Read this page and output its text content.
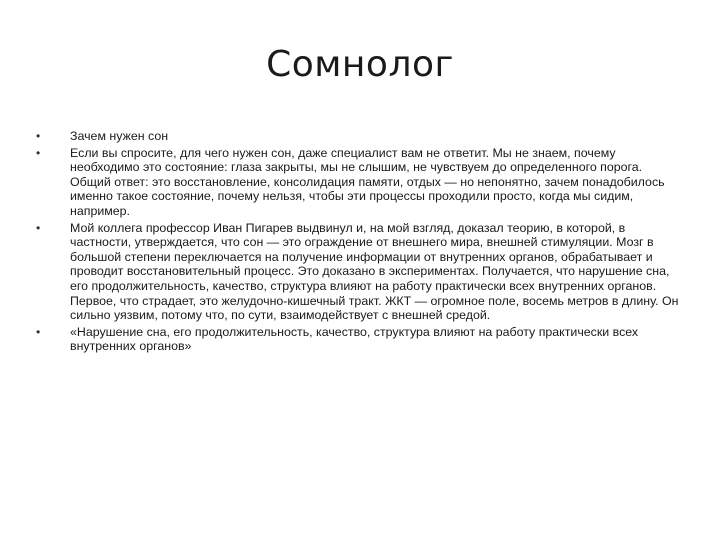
Сомнолог
•	Зачем нужен сон
•	Если вы спросите, для чего нужен сон, даже специалист вам не ответит. Мы не знаем, почему необходимо это состояние: глаза закрыты, мы не слышим, не чувствуем до определенного порога. Общий ответ: это восстановление, консолидация памяти, отдых — но непонятно, зачем понадобилось именно такое состояние, почему нельзя, чтобы эти процессы проходили просто, когда мы сидим, например.
•	Мой коллега профессор Иван Пигарев выдвинул и, на мой взгляд, доказал теорию, в которой, в частности, утверждается, что сон — это ограждение от внешнего мира, внешней стимуляции. Мозг в большой степени переключается на получение информации от внутренних органов, обрабатывает и проводит восстановительный процесс. Это доказано в экспериментах. Получается, что нарушение сна, его продолжительность, качество, структура влияют на работу практически всех внутренних органов. Первое, что страдает, это желудочно-кишечный тракт. ЖКТ — огромное поле, восемь метров в длину. Он сильно уязвим, потому что, по сути, взаимодействует с внешней средой.
•	«Нарушение сна, его продолжительность, качество, структура влияют на работу практически всех внутренних органов»
